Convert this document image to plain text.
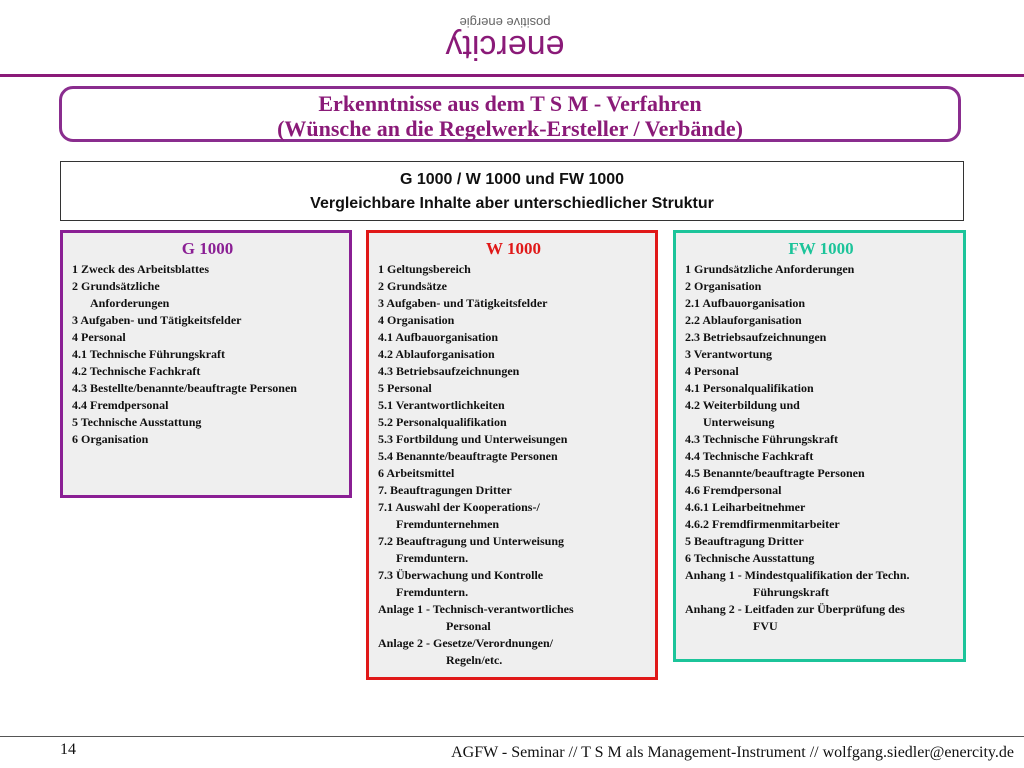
enercity
positive energie
Erkenntnisse aus dem T S M - Verfahren
(Wünsche an die Regelwerk-Ersteller / Verbände)
G 1000 / W 1000 und FW 1000
Vergleichbare Inhalte aber unterschiedlicher Struktur
G 1000
1 Zweck des Arbeitsblattes
2 Grundsätzliche
Anforderungen
3 Aufgaben- und Tätigkeitsfelder
4 Personal
4.1 Technische Führungskraft
4.2 Technische Fachkraft
4.3 Bestellte/benannte/beauftragte Personen
4.4 Fremdpersonal
5 Technische Ausstattung
6 Organisation
W 1000
1 Geltungsbereich
2 Grundsätze
3 Aufgaben- und Tätigkeitsfelder
4 Organisation
4.1 Aufbauorganisation
4.2 Ablauforganisation
4.3 Betriebsaufzeichnungen
5 Personal
5.1 Verantwortlichkeiten
5.2 Personalqualifikation
5.3 Fortbildung und Unterweisungen
5.4 Benannte/beauftragte Personen
6 Arbeitsmittel
7. Beauftragungen Dritter
7.1 Auswahl der Kooperations-/
Fremdunternehmen
7.2 Beauftragung und Unterweisung
Fremduntern.
7.3 Überwachung und Kontrolle
Fremduntern.
Anlage 1 - Technisch-verantwortliches
Personal
Anlage 2 - Gesetze/Verordnungen/
Regeln/etc.
FW 1000
1 Grundsätzliche Anforderungen
2 Organisation
2.1 Aufbauorganisation
2.2 Ablauforganisation
2.3 Betriebsaufzeichnungen
3 Verantwortung
4 Personal
4.1 Personalqualifikation
4.2 Weiterbildung und
Unterweisung
4.3 Technische Führungskraft
4.4 Technische Fachkraft
4.5 Benannte/beauftragte Personen
4.6 Fremdpersonal
4.6.1 Leiharbeitnehmer
4.6.2 Fremdfirmenmitarbeiter
5 Beauftragung Dritter
6 Technische Ausstattung
Anhang 1 - Mindestqualifikation der Techn.
Führungskraft
Anhang 2 - Leitfaden zur Überprüfung des
FVU
14	AGFW - Seminar // T S M als Management-Instrument // wolfgang.siedler@enercity.de
